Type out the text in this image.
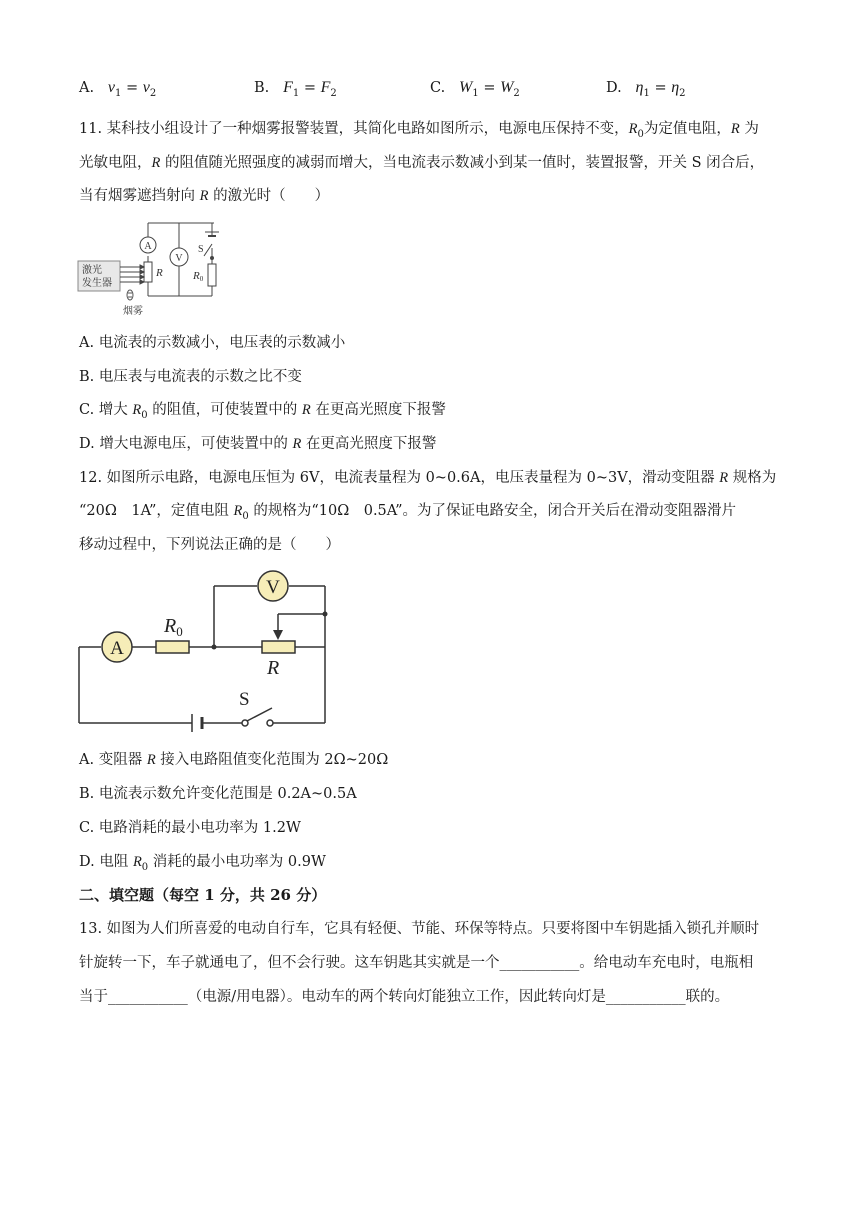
A. $v_1 = v_2$	B. $F_1 = F_2$	C. $W_1 = W_2$	D. $\eta_1 = \eta_2$
11. 某科技小组设计了一种烟雾报警装置，其简化电路如图所示，电源电压保持不变，$R_0$为定值电阻，R 为
光敏电阻，R 的阻值随光照强度的减弱而增大，当电流表示数减小到某一值时，装置报警，开关 S 闭合后，
当有烟雾遮挡射向 R 的激光时（　　）
S
A
V
R	R0
激光
发生器
烟雾
A. 电流表的示数减小，电压表的示数减小
B. 电压表与电流表的示数之比不变
C. 增大 $R_0$ 的阻值，可使装置中的 R 在更高光照度下报警
D. 增大电源电压，可使装置中的 R 在更高光照度下报警
12. 如图所示电路，电源电压恒为 6V，电流表量程为 0~0.6A，电压表量程为 0~3V，滑动变阻器 R 规格为
“20Ω　1A”，定值电阻 $R_0$ 的规格为“10Ω　0.5A”。为了保证电路安全，闭合开关后在滑动变阻器滑片
移动过程中，下列说法正确的是（　　）
A
V
$R_0$
R
S
A. 变阻器 R 接入电路阻值变化范围为 2Ω~20Ω
B. 电流表示数允许变化范围是 0.2A~0.5A
C. 电路消耗的最小电功率为 1.2W
D. 电阻 $R_0$ 消耗的最小电功率为 0.9W
二、填空题（每空 1 分，共 26 分）
13. 如图为人们所喜爱的电动自行车，它具有轻便、节能、环保等特点。只要将图中车钥匙插入锁孔并顺时
针旋转一下，车子就通电了，但不会行驶。这车钥匙其实就是一个___________。给电动车充电时，电瓶相
当于___________（电源/用电器）。电动车的两个转向灯能独立工作，因此转向灯是___________联的。
